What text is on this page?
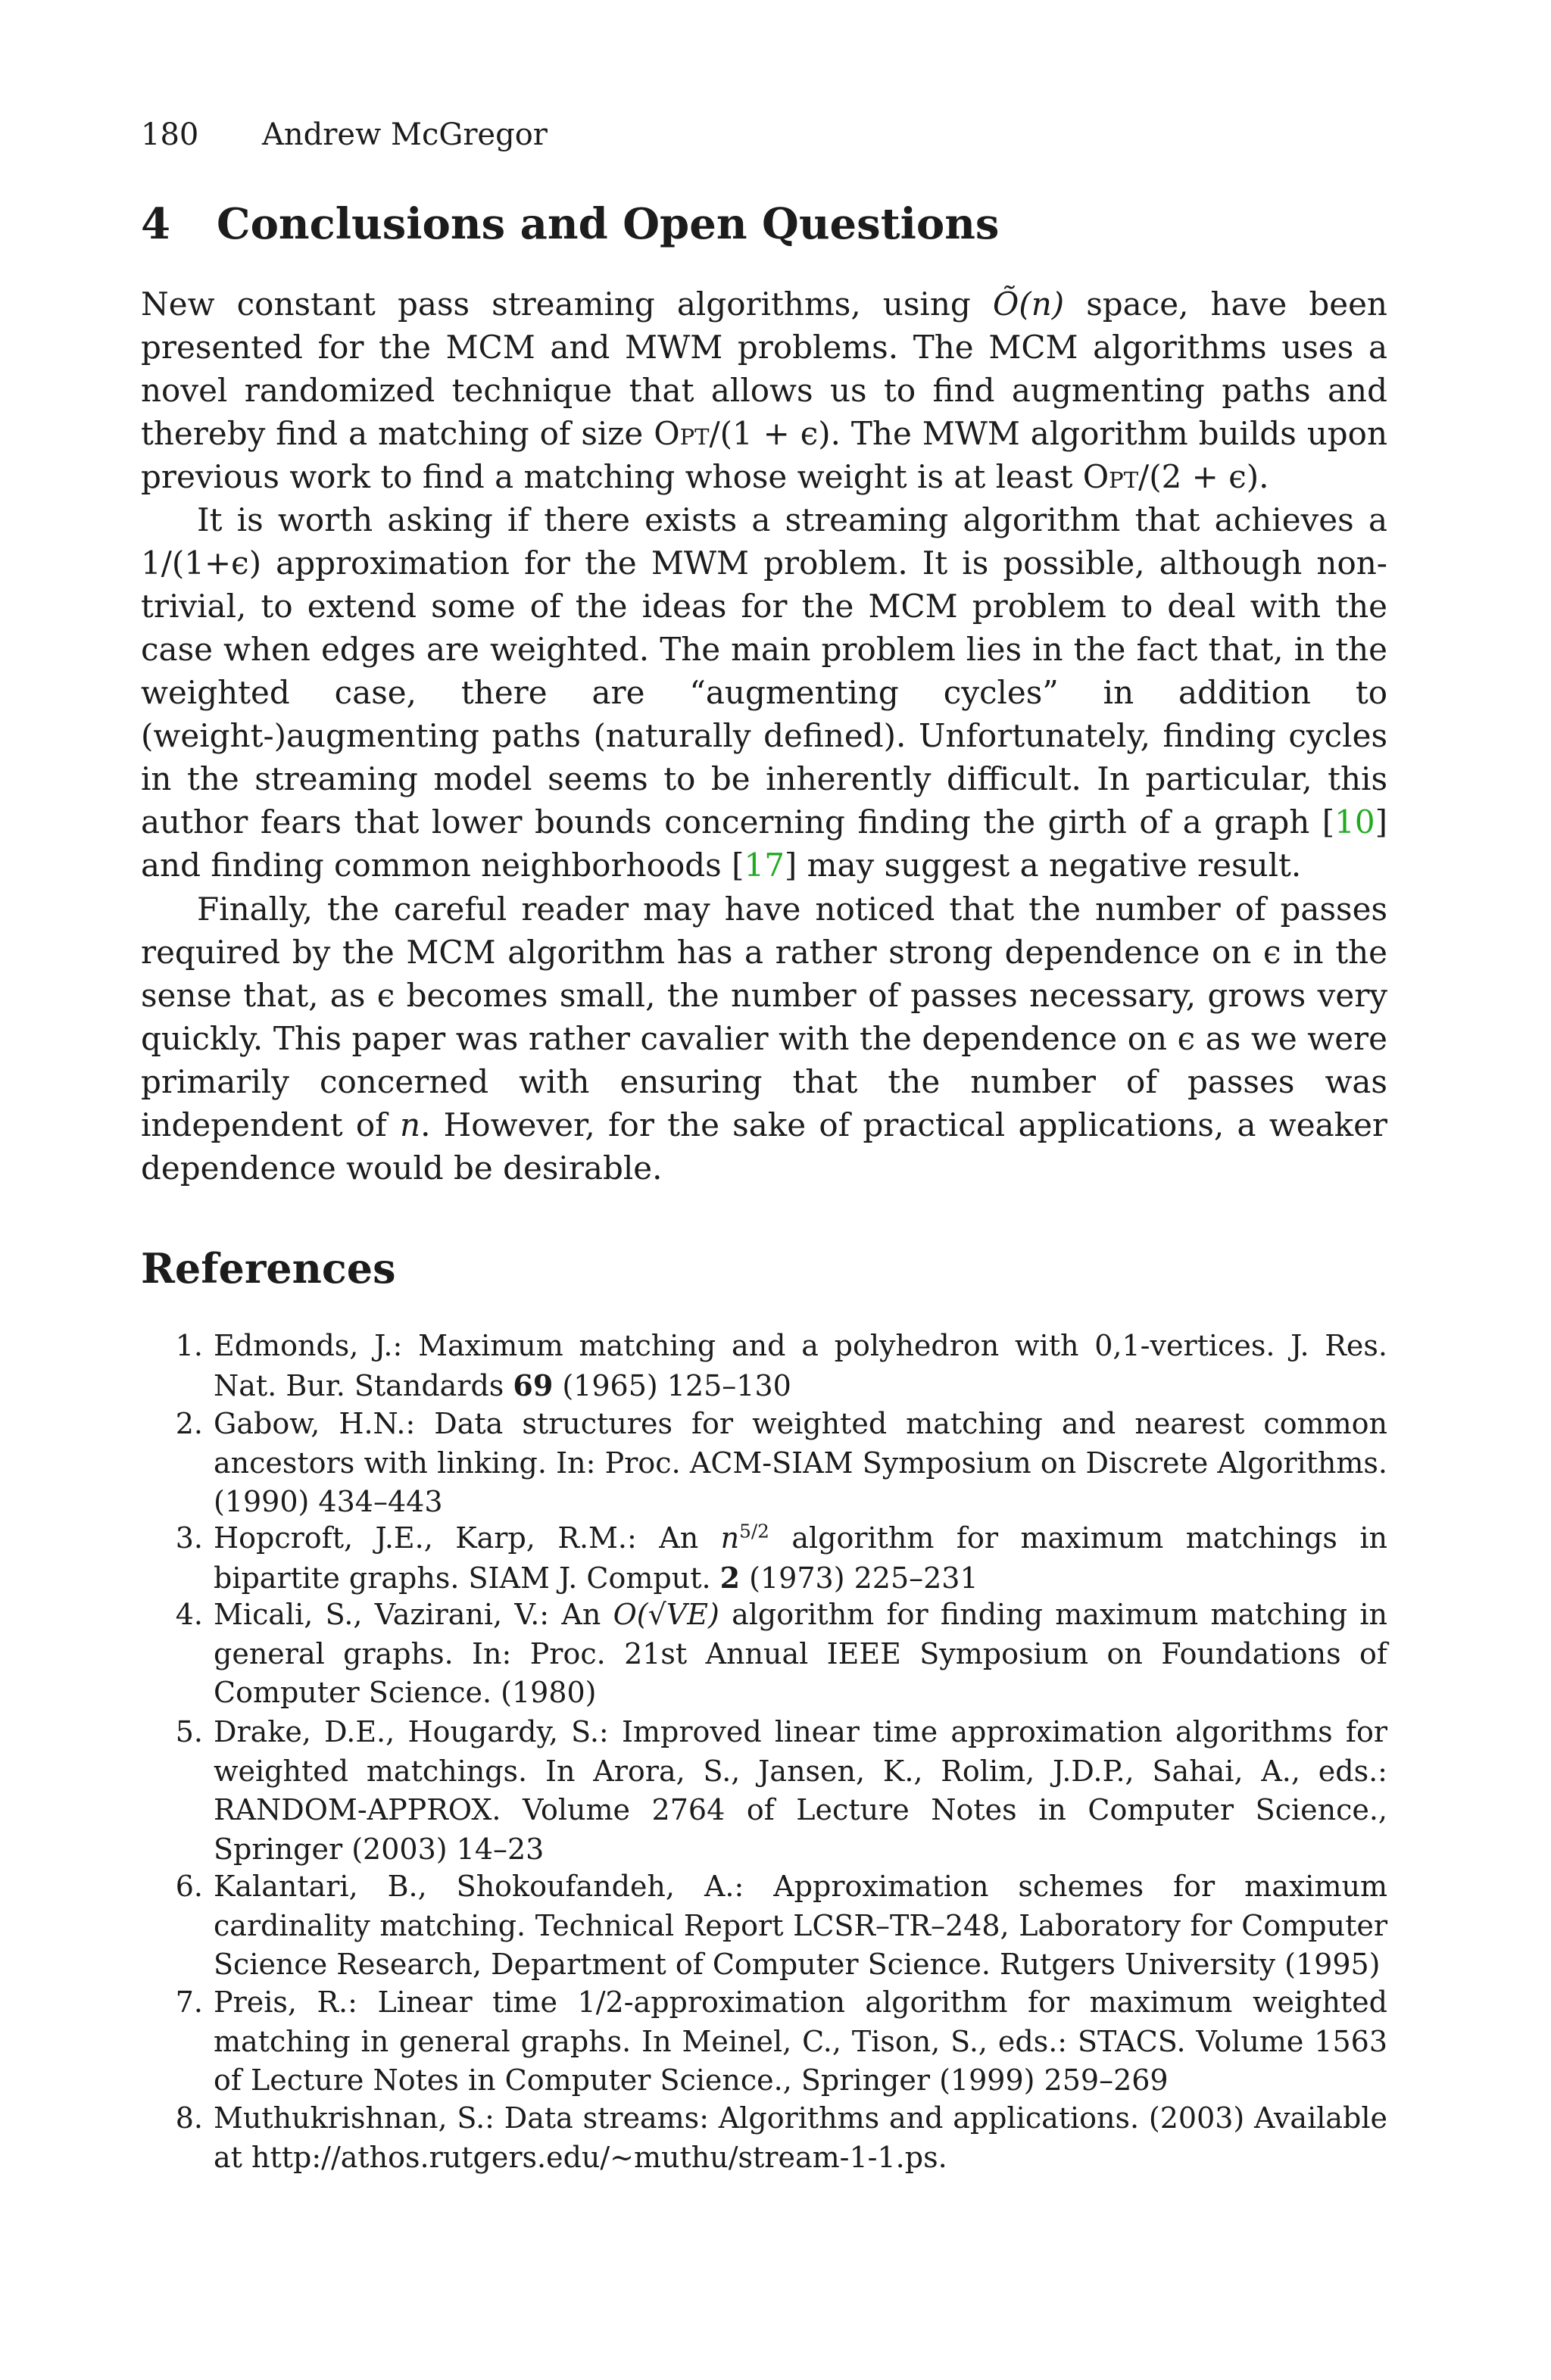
180 Andrew McGregor
4 Conclusions and Open Questions

New constant pass streaming algorithms, using Õ(n) space, have been presented for the MCM and MWM problems. The MCM algorithms uses a novel randomized technique that allows us to find augmenting paths and thereby find a matching of size Opt/(1 + ϵ). The MWM algorithm builds upon previous work to find a matching whose weight is at least Opt/(2 + ϵ).

It is worth asking if there exists a streaming algorithm that achieves a 1/(1+ϵ) approximation for the MWM problem. It is possible, although non-trivial, to extend some of the ideas for the MCM problem to deal with the case when edges are weighted. The main problem lies in the fact that, in the weighted case, there are “augmenting cycles” in addition to (weight-)augmenting paths (naturally defined). Unfortunately, finding cycles in the streaming model seems to be inherently difficult. In particular, this author fears that lower bounds concerning finding the girth of a graph [10] and finding common neighborhoods [17] may suggest a negative result.

Finally, the careful reader may have noticed that the number of passes required by the MCM algorithm has a rather strong dependence on ϵ in the sense that, as ϵ becomes small, the number of passes necessary, grows very quickly. This paper was rather cavalier with the dependence on ϵ as we were primarily concerned with ensuring that the number of passes was independent of n. However, for the sake of practical applications, a weaker dependence would be desirable.

References
1. Edmonds, J.: Maximum matching and a polyhedron with 0,1-vertices. J. Res. Nat. Bur. Standards 69 (1965) 125–130
2. Gabow, H.N.: Data structures for weighted matching and nearest common ancestors with linking. In: Proc. ACM-SIAM Symposium on Discrete Algorithms. (1990) 434–443
3. Hopcroft, J.E., Karp, R.M.: An $n^{5/2}$ algorithm for maximum matchings in bipartite graphs. SIAM J. Comput. 2 (1973) 225–231
4. Micali, S., Vazirani, V.: An O(√VE) algorithm for finding maximum matching in general graphs. In: Proc. 21st Annual IEEE Symposium on Foundations of Computer Science. (1980)
5. Drake, D.E., Hougardy, S.: Improved linear time approximation algorithms for weighted matchings. In Arora, S., Jansen, K., Rolim, J.D.P., Sahai, A., eds.: RANDOM-APPROX. Volume 2764 of Lecture Notes in Computer Science., Springer (2003) 14–23
6. Kalantari, B., Shokoufandeh, A.: Approximation schemes for maximum cardinality matching. Technical Report LCSR–TR–248, Laboratory for Computer Science Research, Department of Computer Science. Rutgers University (1995)
7. Preis, R.: Linear time 1/2-approximation algorithm for maximum weighted matching in general graphs. In Meinel, C., Tison, S., eds.: STACS. Volume 1563 of Lecture Notes in Computer Science., Springer (1999) 259–269
8. Muthukrishnan, S.: Data streams: Algorithms and applications. (2003) Available at http://athos.rutgers.edu/∼muthu/stream-1-1.ps.
